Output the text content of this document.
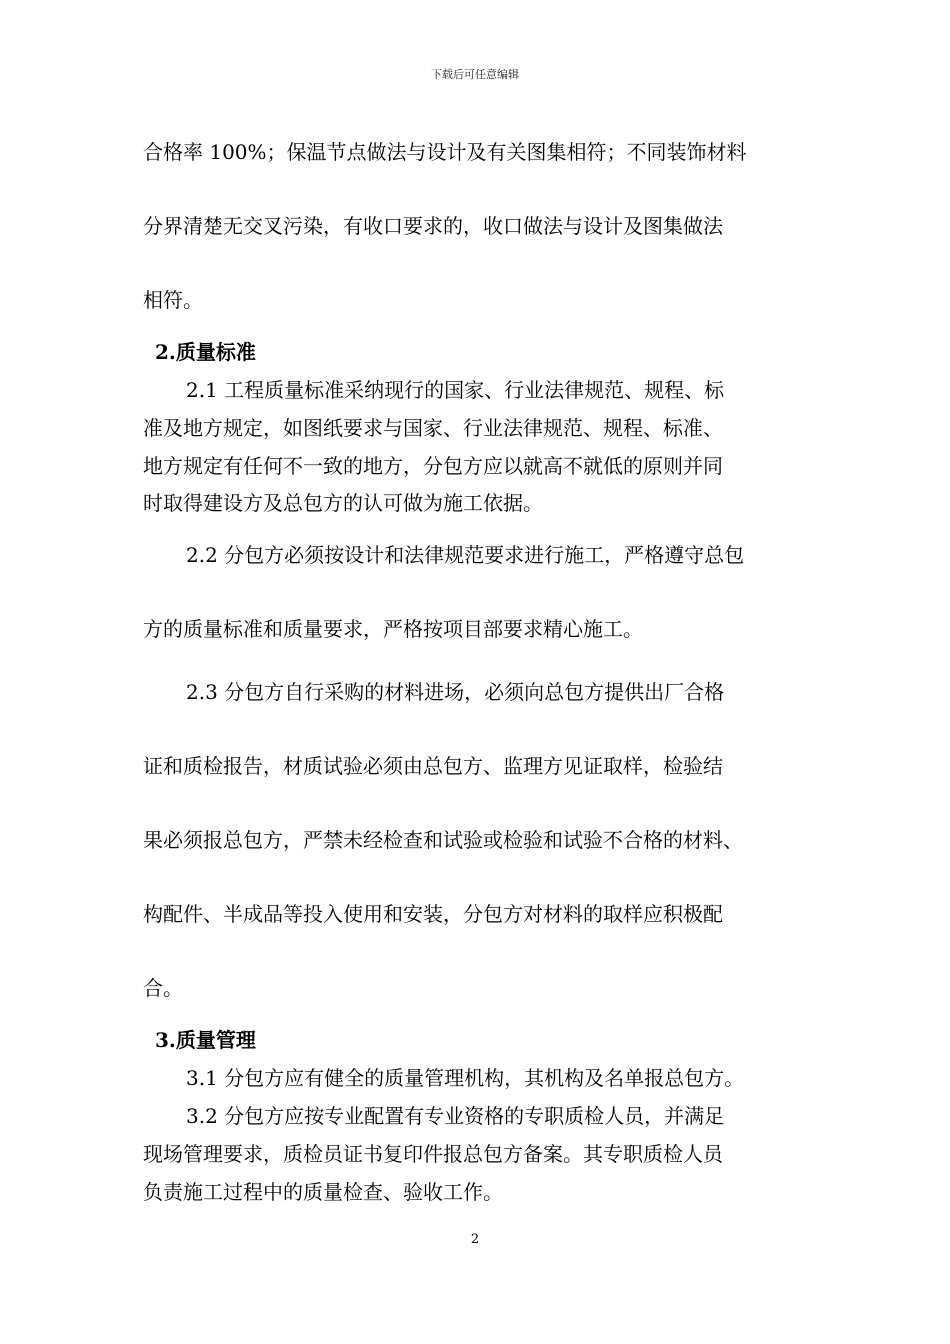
下载后可任意编辑
合格率 100%；保温节点做法与设计及有关图集相符；不同装饰材料
分界清楚无交叉污染，有收口要求的，收口做法与设计及图集做法
相符。
2.质量标准
2.1 工程质量标准采纳现行的国家、行业法律规范、规程、标
准及地方规定，如图纸要求与国家、行业法律规范、规程、标准、
地方规定有任何不一致的地方，分包方应以就高不就低的原则并同
时取得建设方及总包方的认可做为施工依据。
2.2 分包方必须按设计和法律规范要求进行施工，严格遵守总包
方的质量标准和质量要求，严格按项目部要求精心施工。
2.3 分包方自行采购的材料进场，必须向总包方提供出厂合格
证和质检报告，材质试验必须由总包方、监理方见证取样，检验结
果必须报总包方，严禁未经检查和试验或检验和试验不合格的材料、
构配件、半成品等投入使用和安装，分包方对材料的取样应积极配
合。
3.质量管理
3.1 分包方应有健全的质量管理机构，其机构及名单报总包方。
3.2 分包方应按专业配置有专业资格的专职质检人员，并满足
现场管理要求，质检员证书复印件报总包方备案。其专职质检人员
负责施工过程中的质量检查、验收工作。
2
